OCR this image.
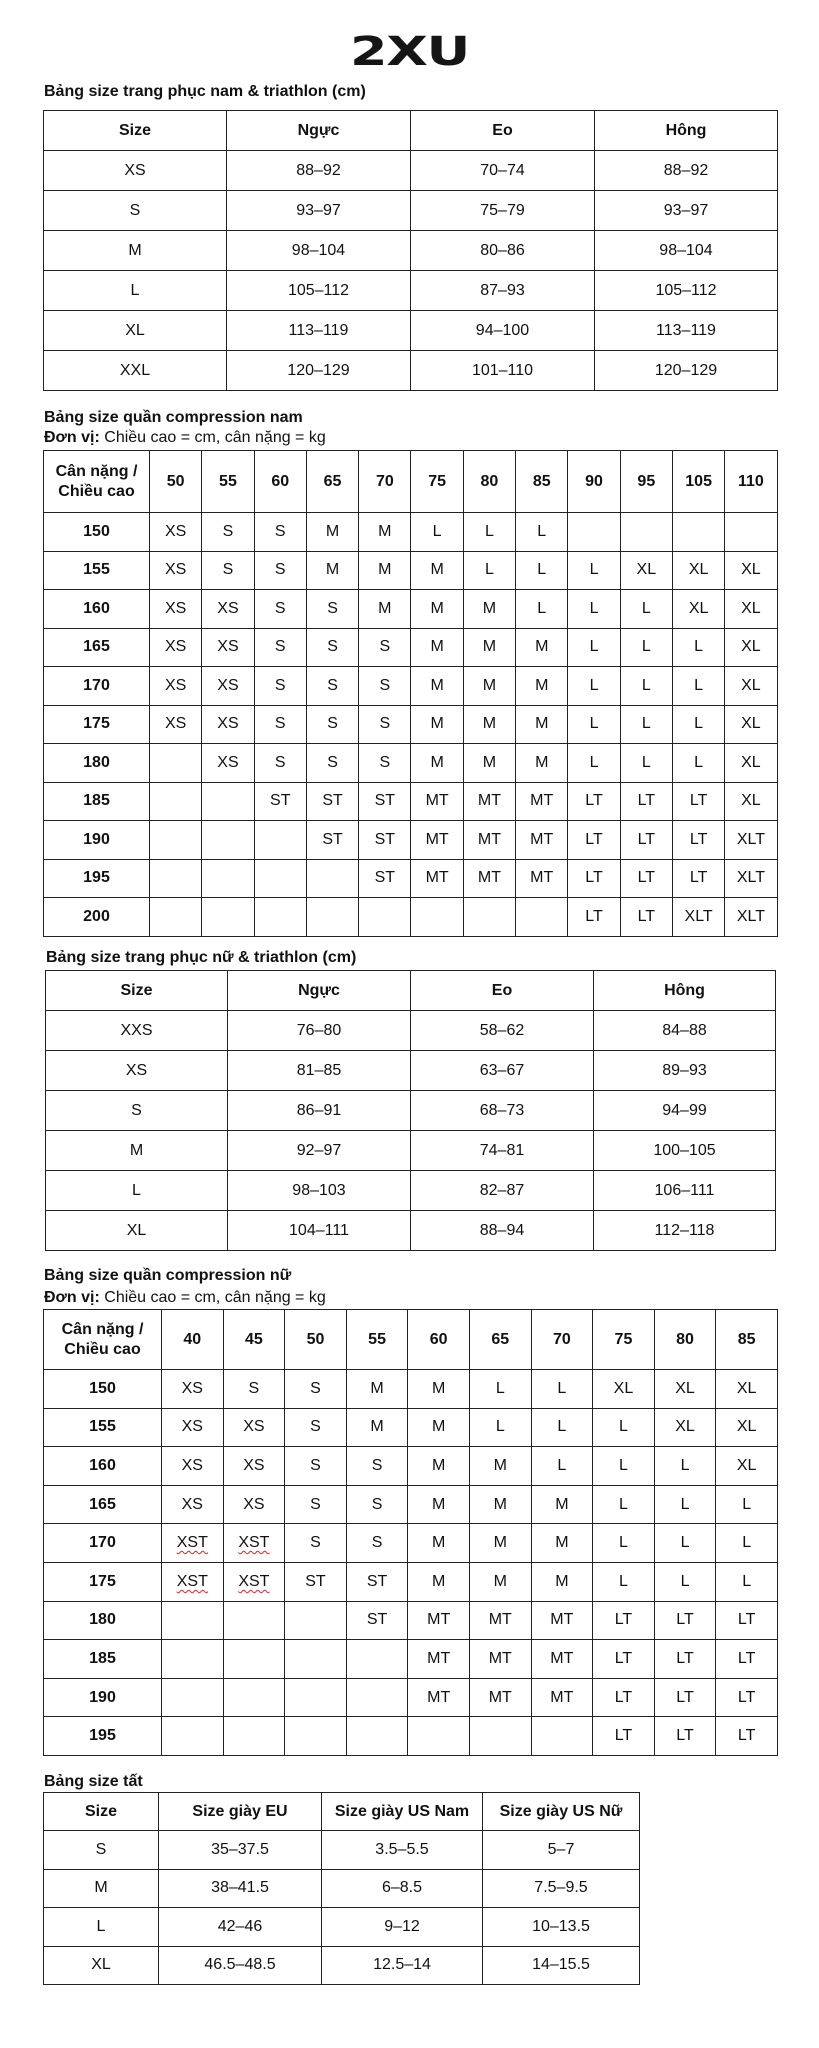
2XU
Bảng size trang phục nam & triathlon (cm)
Size	Ngực	Eo	Hông
XS	88–92	70–74	88–92
S	93–97	75–79	93–97
M	98–104	80–86	98–104
L	105–112	87–93	105–112
XL	113–119	94–100	113–119
XXL	120–129	101–110	120–129
Bảng size quần compression nam
Đơn vị: Chiều cao = cm, cân nặng = kg
Cân nặng / Chiều cao	50	55	60	65	70	75	80	85	90	95	105	110
150	XS	S	S	M	M	L	L	L				
155	XS	S	S	M	M	M	L	L	L	XL	XL	XL
160	XS	XS	S	S	M	M	M	L	L	L	XL	XL
165	XS	XS	S	S	S	M	M	M	L	L	L	XL
170	XS	XS	S	S	S	M	M	M	L	L	L	XL
175	XS	XS	S	S	S	M	M	M	L	L	L	XL
180		XS	S	S	S	M	M	M	L	L	L	XL
185			ST	ST	ST	MT	MT	MT	LT	LT	LT	XL
190				ST	ST	MT	MT	MT	LT	LT	LT	XLT
195					ST	MT	MT	MT	LT	LT	LT	XLT
200									LT	LT	XLT	XLT
Bảng size trang phục nữ & triathlon (cm)
Size	Ngực	Eo	Hông
XXS	76–80	58–62	84–88
XS	81–85	63–67	89–93
S	86–91	68–73	94–99
M	92–97	74–81	100–105
L	98–103	82–87	106–111
XL	104–111	88–94	112–118
Bảng size quần compression nữ
Đơn vị: Chiều cao = cm, cân nặng = kg
Cân nặng / Chiều cao	40	45	50	55	60	65	70	75	80	85
150	XS	S	S	M	M	L	L	XL	XL	XL
155	XS	XS	S	M	M	L	L	L	XL	XL
160	XS	XS	S	S	M	M	L	L	L	XL
165	XS	XS	S	S	M	M	M	L	L	L
170	XST	XST	S	S	M	M	M	L	L	L
175	XST	XST	ST	ST	M	M	M	L	L	L
180				ST	MT	MT	MT	LT	LT	LT
185					MT	MT	MT	LT	LT	LT
190					MT	MT	MT	LT	LT	LT
195								LT	LT	LT
Bảng size tất
Size	Size giày EU	Size giày US Nam	Size giày US Nữ
S	35–37.5	3.5–5.5	5–7
M	38–41.5	6–8.5	7.5–9.5
L	42–46	9–12	10–13.5
XL	46.5–48.5	12.5–14	14–15.5
